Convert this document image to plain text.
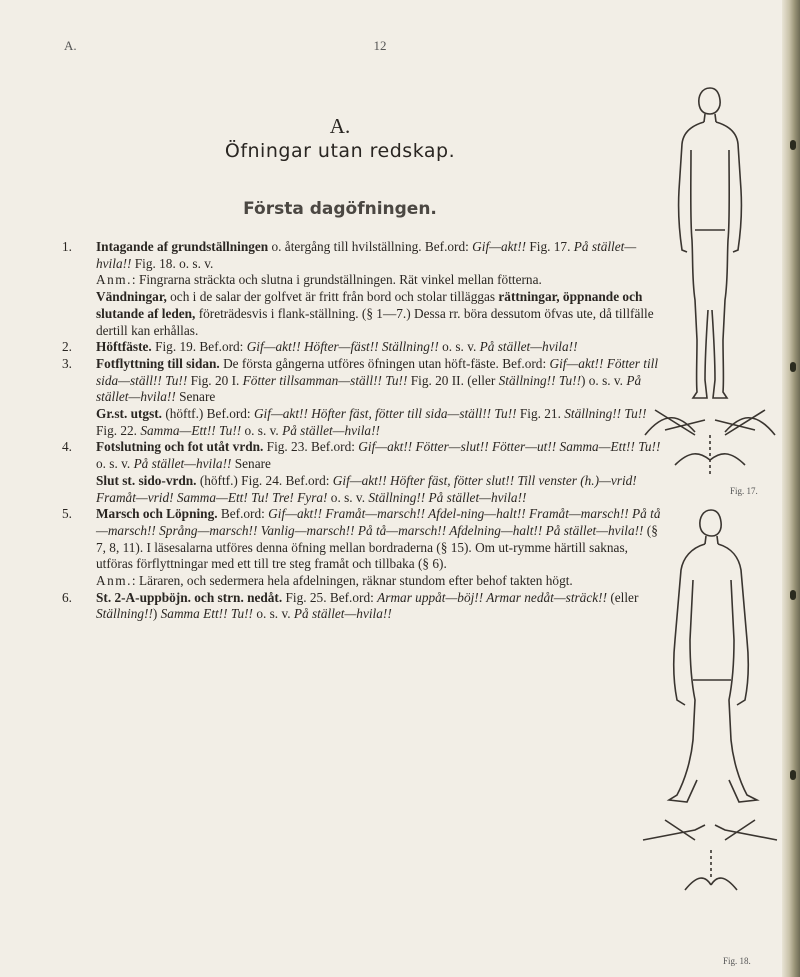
A.	12
A.
Öfningar utan redskap.
Första dagöfningen.
1.	Intagande af grundställningen o. återgång till hvilställning. Bef.ord: Gif—akt!! Fig. 17. På stället—hvila!! Fig. 18. o. s. v.

Anm.: Fingrarna sträckta och slutna i grundställningen. Rät vinkel mellan fötterna.

Vändningar, och i de salar der golfvet är fritt från bord och stolar tilläggas rättningar, öppnande och slutande af leden, företrädesvis i flank-ställning. (§ 1—7.) Dessa rr. böra dessutom öfvas ute, då tillfälle dertill kan erhållas.

2.	Höftfäste. Fig. 19. Bef.ord: Gif—akt!! Höfter—fäst!! Ställning!! o. s. v. På stället—hvila!!

3.	Fotflyttning till sidan. De första gångerna utföres öfningen utan höft-fäste. Bef.ord: Gif—akt!! Fötter till sida—ställ!! Tu!! Fig. 20 I. Fötter tillsamman—ställ!! Tu!! Fig. 20 II. (eller Ställning!! Tu!!) o. s. v. På stället—hvila!! Senare

Gr.st. utgst. (höftf.) Bef.ord: Gif—akt!! Höfter fäst, fötter till sida—ställ!! Tu!! Fig. 21. Ställning!! Tu!! Fig. 22. Samma—Ett!! Tu!! o. s. v. På stället—hvila!!

4.	Fotslutning och fot utåt vrdn. Fig. 23. Bef.ord: Gif—akt!! Fötter—slut!! Fötter—ut!! Samma—Ett!! Tu!! o. s. v. På stället—hvila!! Senare

Slut st. sido-vrdn. (höftf.) Fig. 24. Bef.ord: Gif—akt!! Höfter fäst, fötter slut!! Till venster (h.)—vrid! Framåt—vrid! Samma—Ett! Tu! Tre! Fyra! o. s. v. Ställning!! På stället—hvila!!

5.	Marsch och Löpning. Bef.ord: Gif—akt!! Framåt—marsch!! Afdel-ning—halt!! Framåt—marsch!! På tå—marsch!! Språng—marsch!! Vanlig—marsch!! På tå—marsch!! Afdelning—halt!! På stället—hvila!! (§ 7, 8, 11). I läsesalarna utföres denna öfning mellan bordraderna (§ 15). Om ut-rymme härtill saknas, utföras förflyttningar med ett till tre steg framåt och tillbaka (§ 6).

Anm.: Läraren, och sedermera hela afdelningen, räknar stundom efter behof takten högt.

6.	St. 2-A-uppböjn. och strn. nedåt. Fig. 25. Bef.ord: Armar uppåt—böj!! Armar nedåt—sträck!! (eller Ställning!!) Samma Ett!! Tu!! o. s. v. På stället—hvila!!

Fig. 17.
Fig. 18.
